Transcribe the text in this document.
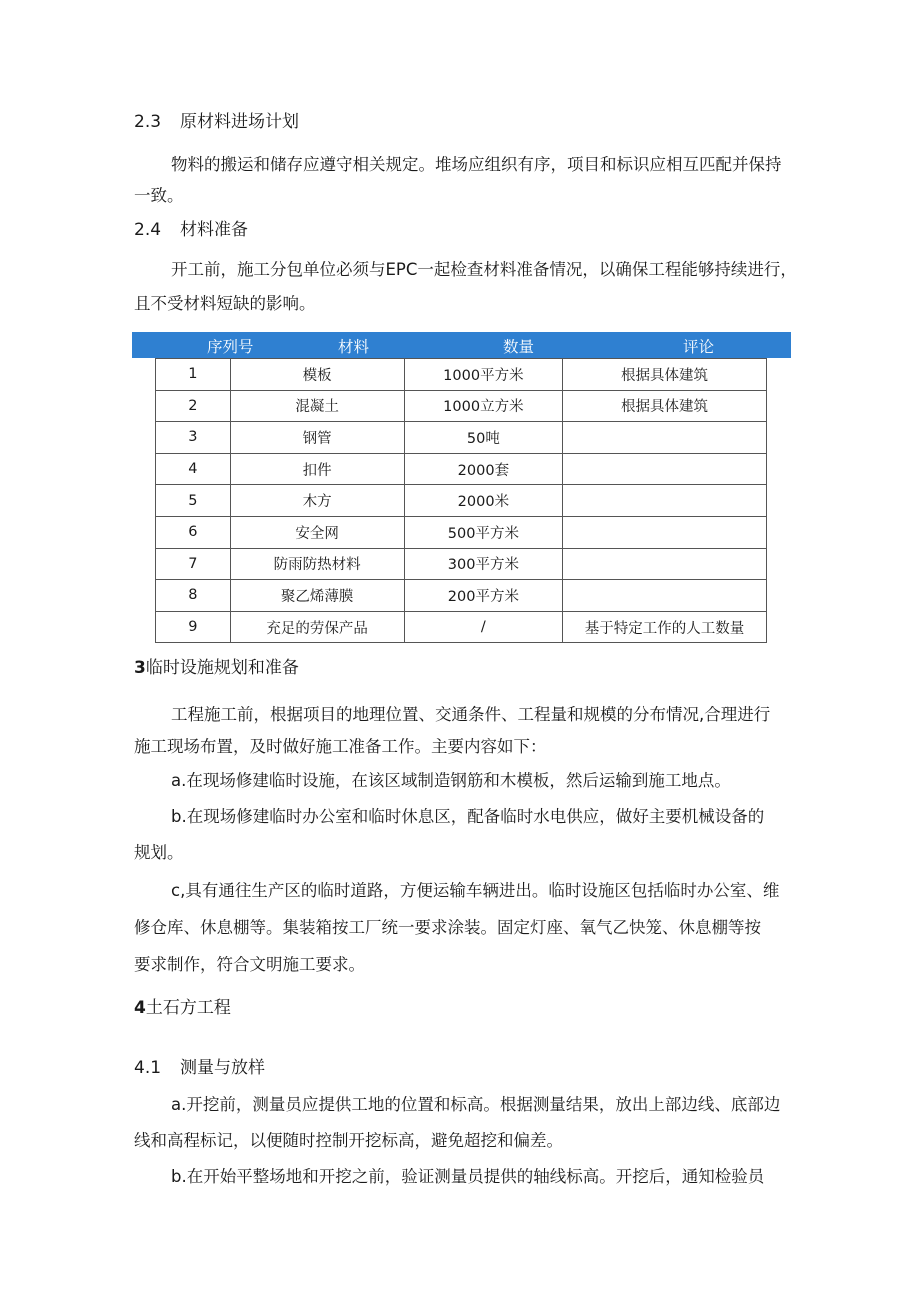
2.3 原材料进场计划
物料的搬运和储存应遵守相关规定。堆场应组织有序，项目和标识应相互匹配并保持
一致。
2.4 材料准备
开工前，施工分包单位必须与EPC一起检查材料准备情况，以确保工程能够持续进行，
且不受材料短缺的影响。
序列号	材料	数量	评论
1	模板	1000平方米	根据具体建筑
2	混凝土	1000立方米	根据具体建筑
3	钢管	50吨	
4	扣件	2000套	
5	木方	2000米	
6	安全网	500平方米	
7	防雨防热材料	300平方米	
8	聚乙烯薄膜	200平方米	
9	充足的劳保产品	/	基于特定工作的人工数量
3临时设施规划和准备
工程施工前，根据项目的地理位置、交通条件、工程量和规模的分布情况,合理进行
施工现场布置，及时做好施工准备工作。主要内容如下：
a.在现场修建临时设施，在该区域制造钢筋和木模板，然后运输到施工地点。
b.在现场修建临时办公室和临时休息区，配备临时水电供应，做好主要机械设备的
规划。
c,具有通往生产区的临时道路，方便运输车辆进出。临时设施区包括临时办公室、维
修仓库、休息棚等。集装箱按工厂统一要求涂装。固定灯座、氧气乙快笼、休息棚等按
要求制作，符合文明施工要求。
4土石方工程
4.1 测量与放样
a.开挖前，测量员应提供工地的位置和标高。根据测量结果，放出上部边线、底部边
线和高程标记，以便随时控制开挖标高，避免超挖和偏差。
b.在开始平整场地和开挖之前，验证测量员提供的轴线标高。开挖后，通知检验员
